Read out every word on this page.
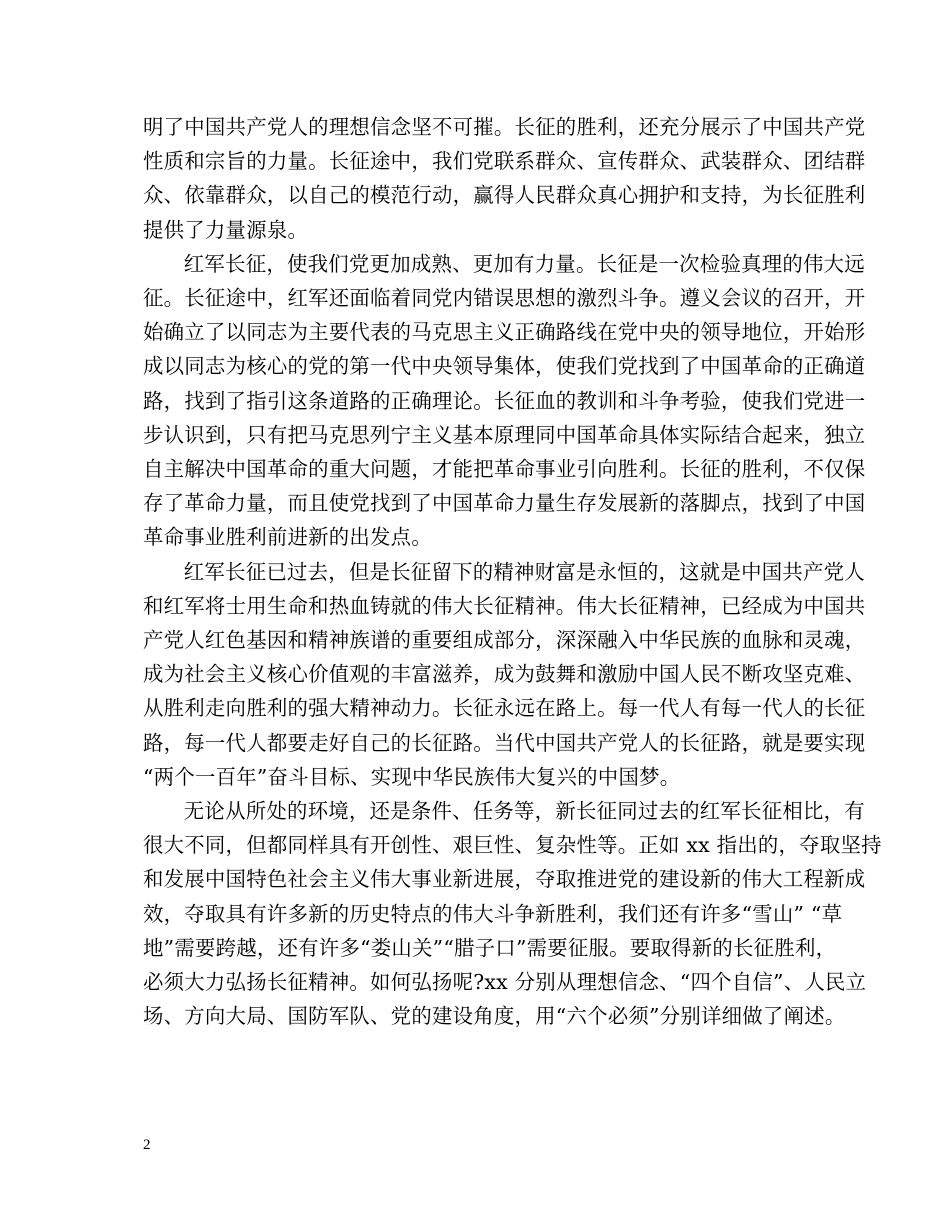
明了中国共产党人的理想信念坚不可摧。长征的胜利，还充分展示了中国共产党
性质和宗旨的力量。长征途中，我们党联系群众、宣传群众、武装群众、团结群
众、依靠群众，以自己的模范行动，赢得人民群众真心拥护和支持，为长征胜利
提供了力量源泉。

红军长征，使我们党更加成熟、更加有力量。长征是一次检验真理的伟大远
征。长征途中，红军还面临着同党内错误思想的激烈斗争。遵义会议的召开，开
始确立了以同志为主要代表的马克思主义正确路线在党中央的领导地位，开始形
成以同志为核心的党的第一代中央领导集体，使我们党找到了中国革命的正确道
路，找到了指引这条道路的正确理论。长征血的教训和斗争考验，使我们党进一
步认识到，只有把马克思列宁主义基本原理同中国革命具体实际结合起来，独立
自主解决中国革命的重大问题，才能把革命事业引向胜利。长征的胜利，不仅保
存了革命力量，而且使党找到了中国革命力量生存发展新的落脚点，找到了中国
革命事业胜利前进新的出发点。

红军长征已过去，但是长征留下的精神财富是永恒的，这就是中国共产党人
和红军将士用生命和热血铸就的伟大长征精神。伟大长征精神，已经成为中国共
产党人红色基因和精神族谱的重要组成部分，深深融入中华民族的血脉和灵魂，
成为社会主义核心价值观的丰富滋养，成为鼓舞和激励中国人民不断攻坚克难、
从胜利走向胜利的强大精神动力。长征永远在路上。每一代人有每一代人的长征
路，每一代人都要走好自己的长征路。当代中国共产党人的长征路，就是要实现
“两个一百年”奋斗目标、实现中华民族伟大复兴的中国梦。

无论从所处的环境，还是条件、任务等，新长征同过去的红军长征相比，有
很大不同，但都同样具有开创性、艰巨性、复杂性等。正如 xx 指出的，夺取坚持
和发展中国特色社会主义伟大事业新进展，夺取推进党的建设新的伟大工程新成
效，夺取具有许多新的历史特点的伟大斗争新胜利，我们还有许多“雪山” “草
地”需要跨越，还有许多“娄山关”“腊子口”需要征服。要取得新的长征胜利，
必须大力弘扬长征精神。如何弘扬呢?xx 分别从理想信念、“四个自信”、人民立
场、方向大局、国防军队、党的建设角度，用“六个必须”分别详细做了阐述。

2
